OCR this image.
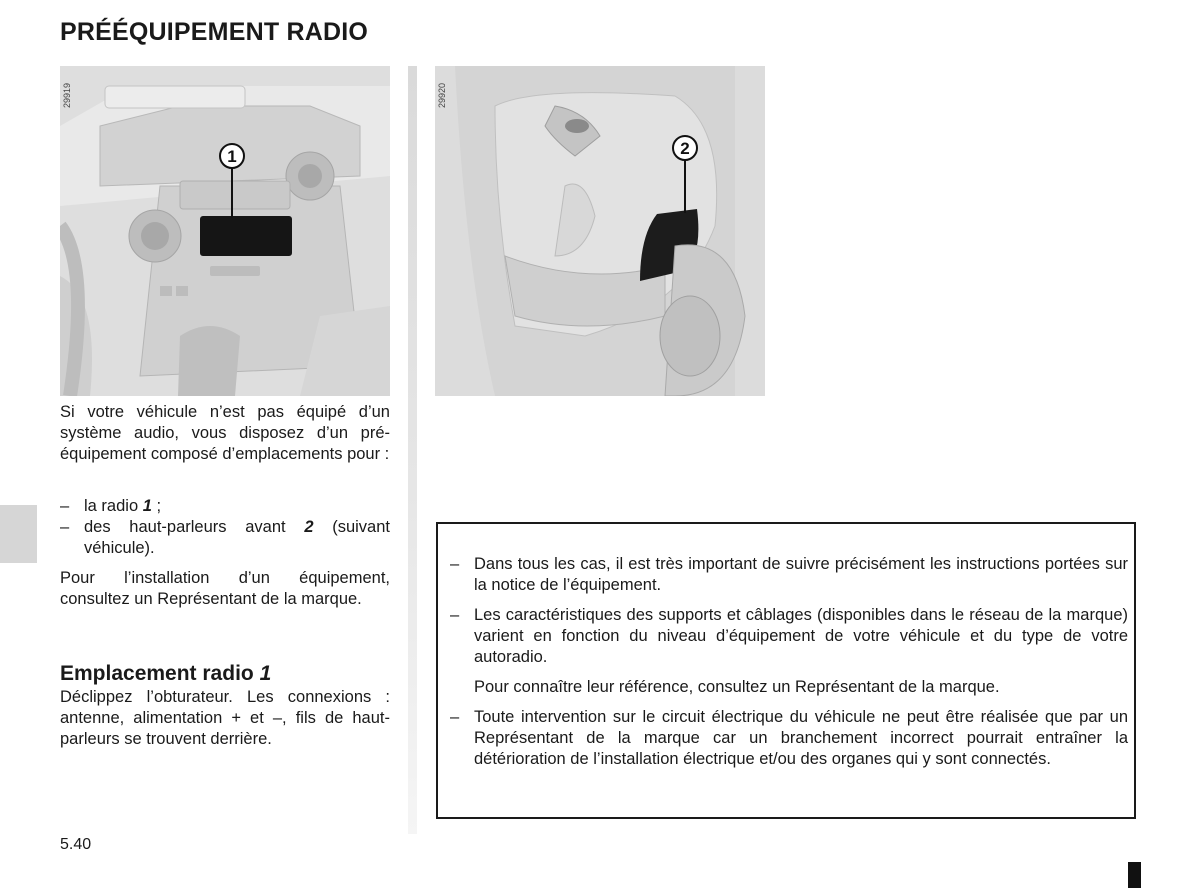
PRÉÉQUIPEMENT RADIO
1
29919
2
29920

Si votre véhicule n’est pas équipé d’un système audio, vous disposez d’un pré-équipement composé d’emplacements pour :

– la radio 1 ;
– des haut-parleurs avant 2 (suivant véhicule).

Pour l’installation d’un équipement, consultez un Représentant de la marque.

Emplacement radio 1

Déclippez l’obturateur. Les connexions : antenne, alimentation + et –, fils de haut-parleurs se trouvent derrière.

– Dans tous les cas, il est très important de suivre précisément les instructions portées sur la notice de l’équipement.

– Les caractéristiques des supports et câblages (disponibles dans le réseau de la marque) varient en fonction du niveau d’équipement de votre véhicule et du type de votre autoradio.

Pour connaître leur référence, consultez un Représentant de la marque.

– Toute intervention sur le circuit électrique du véhicule ne peut être réalisée que par un Représentant de la marque car un branchement incorrect pourrait entraîner la détérioration de l’installation électrique et/ou des organes qui y sont connectés.

5.40
